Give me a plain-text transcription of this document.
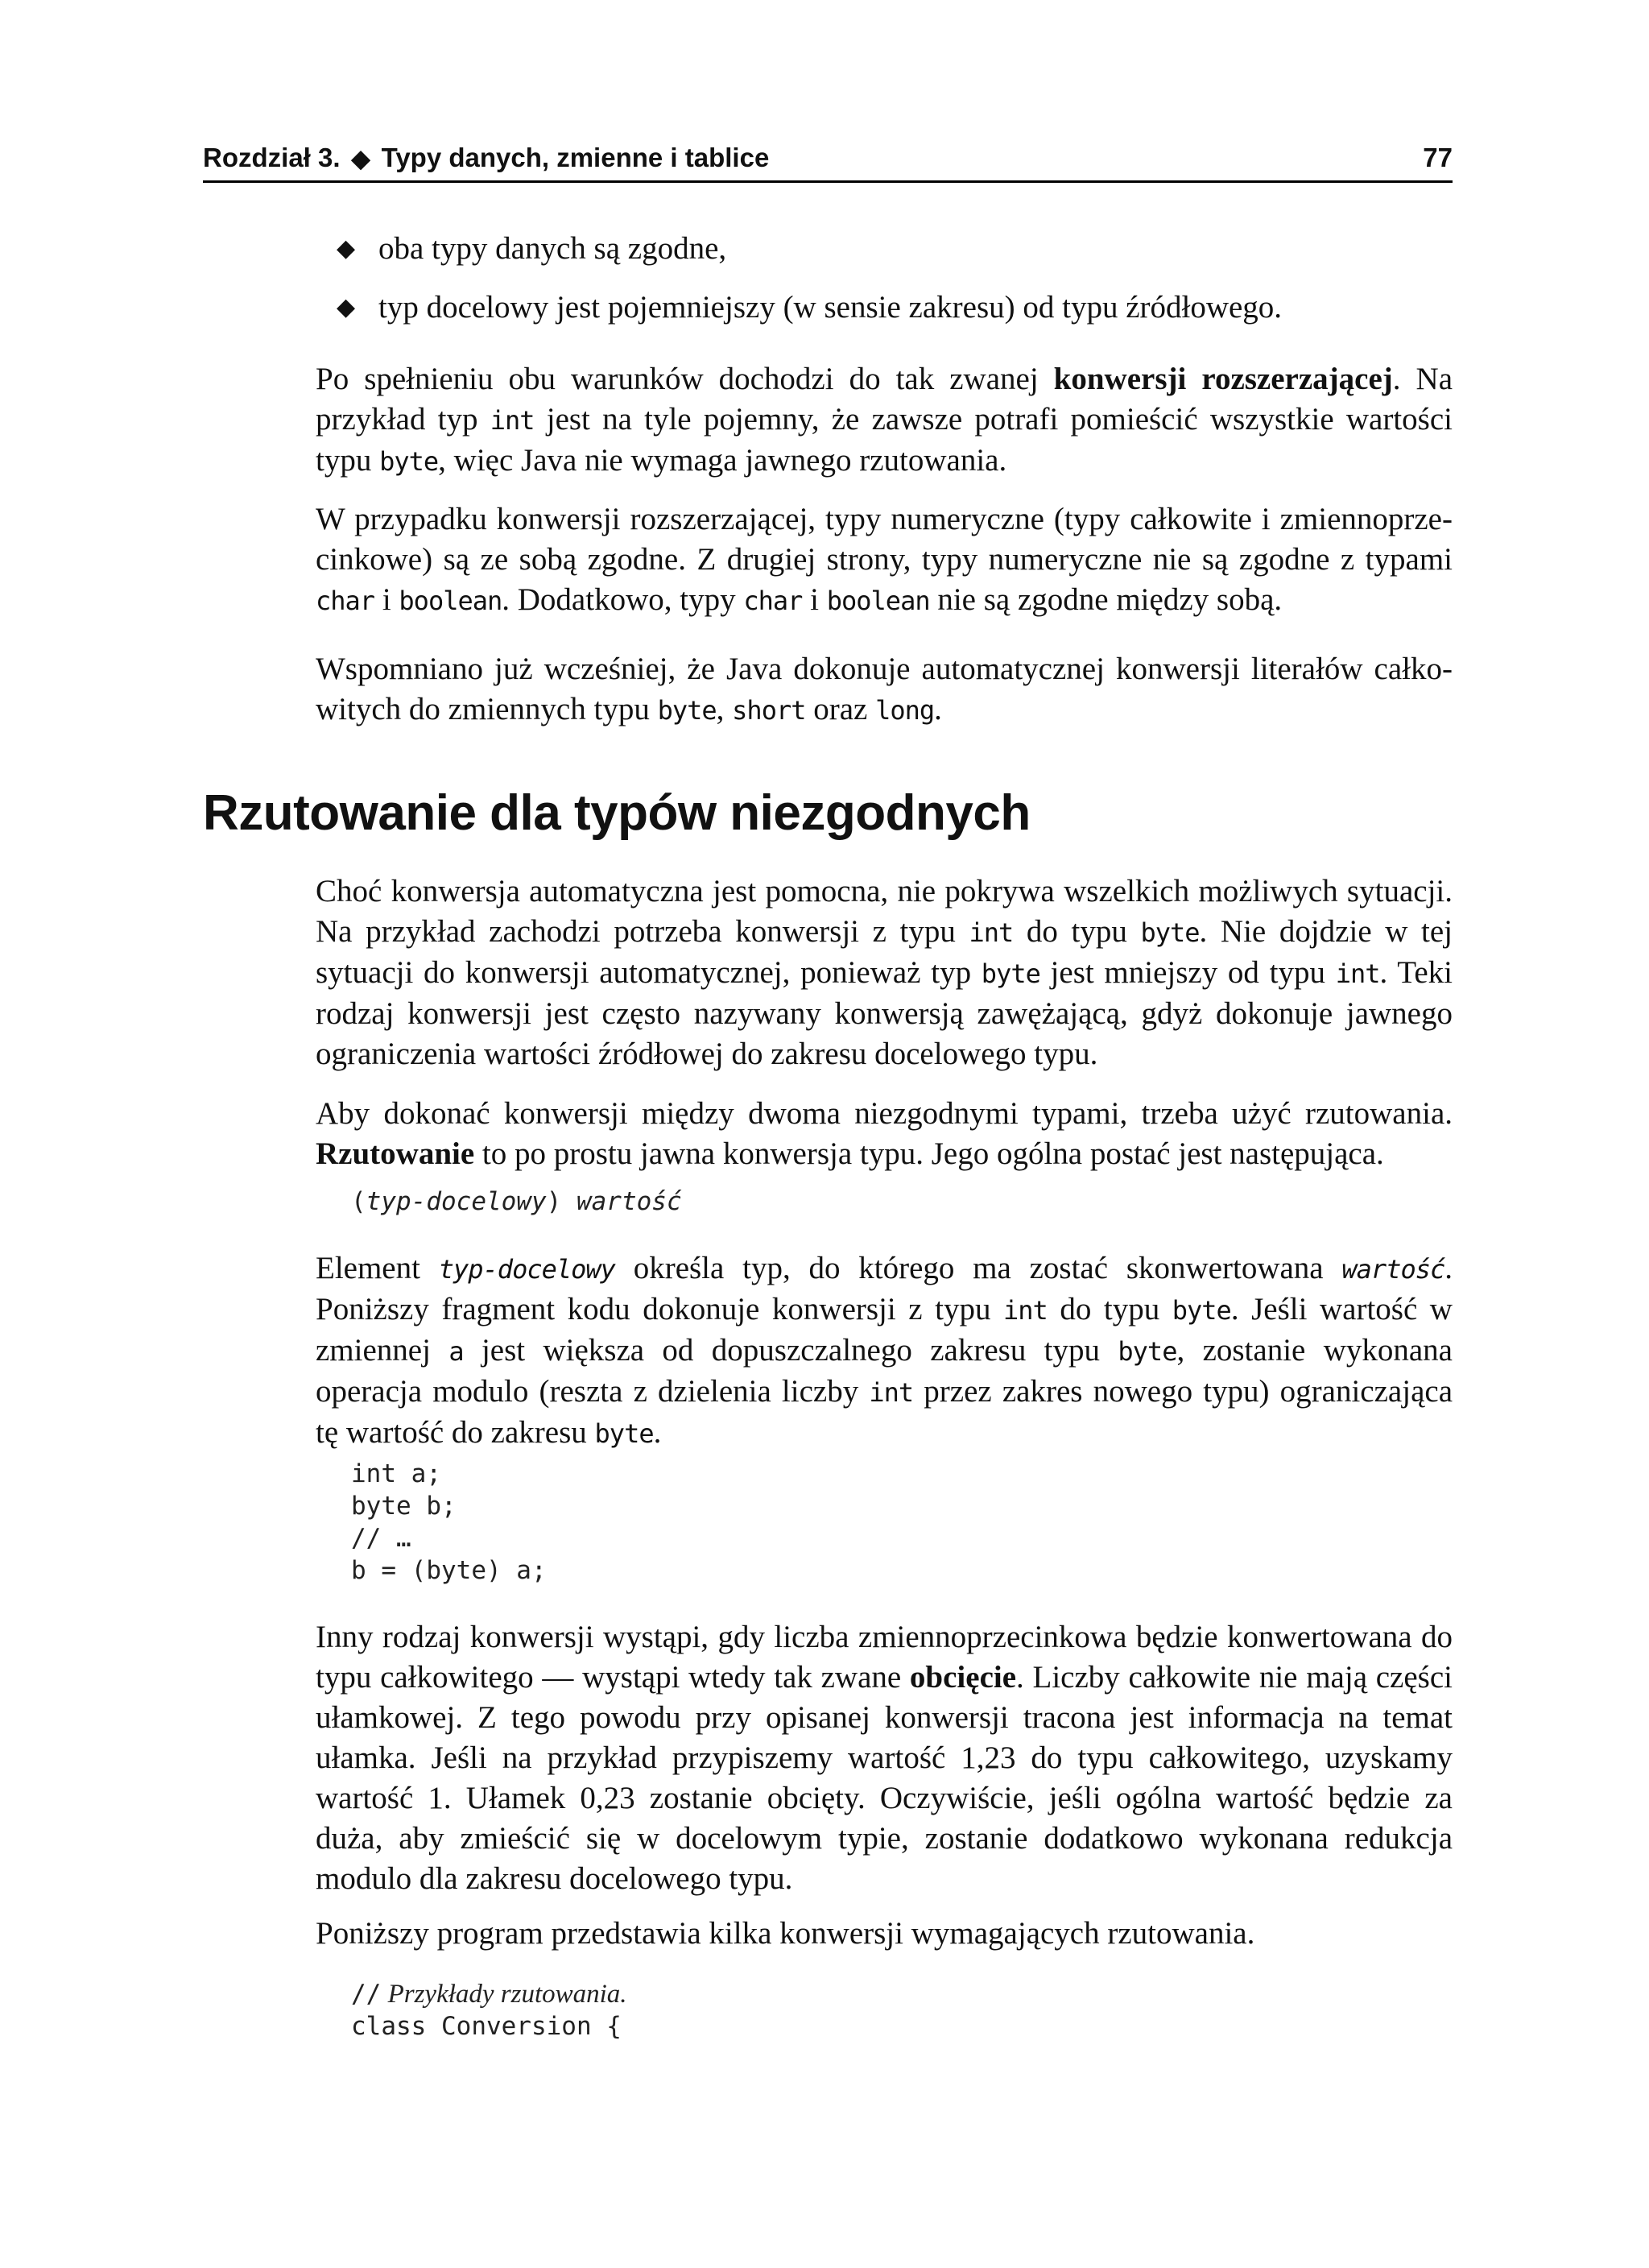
Rozdział 3. ◆ Typy danych, zmienne i tablice	77
◆ oba typy danych są zgodne,
◆ typ docelowy jest pojemniejszy (w sensie zakresu) od typu źródłowego.

Po spełnieniu obu warunków dochodzi do tak zwanej konwersji rozszerzającej. Na przykład typ int jest na tyle pojemny, że zawsze potrafi pomieścić wszystkie wartości typu byte, więc Java nie wymaga jawnego rzutowania.

W przypadku konwersji rozszerzającej, typy numeryczne (typy całkowite i zmiennoprzecinkowe) są ze sobą zgodne. Z drugiej strony, typy numeryczne nie są zgodne z typami char i boolean. Dodatkowo, typy char i boolean nie są zgodne między sobą.

Wspomniano już wcześniej, że Java dokonuje automatycznej konwersji literałów całkowitych do zmiennych typu byte, short oraz long.

Rzutowanie dla typów niezgodnych

Choć konwersja automatyczna jest pomocna, nie pokrywa wszelkich możliwych sytuacji. Na przykład zachodzi potrzeba konwersji z typu int do typu byte. Nie dojdzie w tej sytuacji do konwersji automatycznej, ponieważ typ byte jest mniejszy od typu int. Teki rodzaj konwersji jest często nazywany konwersją zawężającą, gdyż dokonuje jawnego ograniczenia wartości źródłowej do zakresu docelowego typu.

Aby dokonać konwersji między dwoma niezgodnymi typami, trzeba użyć rzutowania. Rzutowanie to po prostu jawna konwersja typu. Jego ogólna postać jest następująca.

(typ-docelowy) wartość

Element typ-docelowy określa typ, do którego ma zostać skonwertowana wartość. Poniższy fragment kodu dokonuje konwersji z typu int do typu byte. Jeśli wartość w zmiennej a jest większa od dopuszczalnego zakresu typu byte, zostanie wykonana operacja modulo (reszta z dzielenia liczby int przez zakres nowego typu) ograniczająca tę wartość do zakresu byte.

int a;
byte b;
// …
b = (byte) a;

Inny rodzaj konwersji wystąpi, gdy liczba zmiennoprzecinkowa będzie konwertowana do typu całkowitego — wystąpi wtedy tak zwane obcięcie. Liczby całkowite nie mają części ułamkowej. Z tego powodu przy opisanej konwersji tracona jest informacja na temat ułamka. Jeśli na przykład przypiszemy wartość 1,23 do typu całkowitego, uzyskamy wartość 1. Ułamek 0,23 zostanie obcięty. Oczywiście, jeśli ogólna wartość będzie za duża, aby zmieścić się w docelowym typie, zostanie dodatkowo wykonana redukcja modulo dla zakresu docelowego typu.

Poniższy program przedstawia kilka konwersji wymagających rzutowania.

// Przykłady rzutowania.
class Conversion {
